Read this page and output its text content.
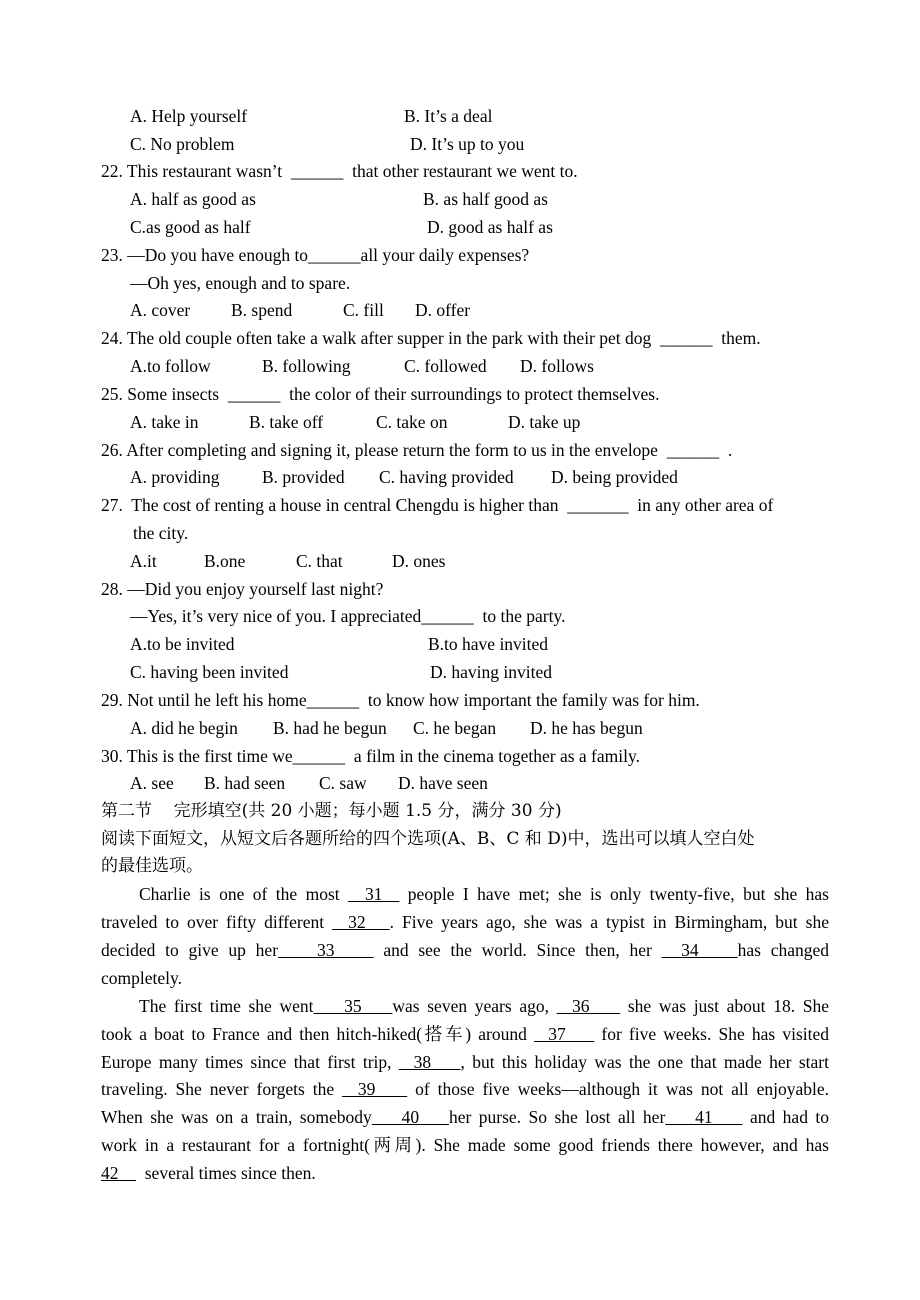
A. Help yourself	B. It’s a deal
C. No problem	D. It’s up to you
22. This restaurant wasn’t  ______  that other restaurant we went to.
A. half as good as	B. as half good as
C.as good as half	D. good as half as
23. —Do you have enough to______all your daily expenses?
—Oh yes, enough and to spare.
A. cover B. spend	C. fill D. offer
24. The old couple often take a walk after supper in the park with their pet dog  ______  them.
A.to follow	B. following	C. followed D. follows
25. Some insects  ______  the color of their surroundings to protect themselves.
A. take in	B. take off	C. take on	D. take up
26. After completing and signing it, please return the form to us in the envelope  ______  .
A. providing B. provided C. having provided D. being provided
27.  The cost of renting a house in central Chengdu is higher than  _______  in any other area of
the city.
A.it	B.one	C. that	D. ones
28. —Did you enjoy yourself last night?
—Yes, it’s very nice of you. I appreciated______  to the party.
A.to be invited	B.to have invited
C. having been invited	D. having invited
29. Not until he left his home______  to know how important the family was for him.
A. did he begin B. had he begun C. he began D. he has begun
30. This is the first time we______  a film in the cinema together as a family.
A. see B. had seen C. saw D. have seen
第二节    完形填空(共 20 小题；每小题 1.5 分，满分 30 分)
阅读下面短文，从短文后各题所给的四个选项(A、B、C 和 D)中，选出可以填人空白处
的最佳选项。
Charlie is one of the most   31   people I have met; she is only twenty-five, but she has
traveled to over fifty different   32   . Five years ago, she was a typist in Birmingham, but she
decided to give up her    33     and see the world. Since then, her   34    has changed
completely.
The first time she went    35    was seven years ago,   36     she was just about 18. She
took a boat to France and then hitch-hiked(搭车) around   37     for five weeks. She has visited
Europe many times since that first trip,   38    , but this holiday was the one that made her start
traveling. She never forgets the   39     of those five weeks—although it was not all enjoyable.
When she was on a train, somebody    40    her purse. So she lost all her    41     and had to
work in a restaurant for a fortnight(两周). She made some good friends there however, and has
42      several times since then.
